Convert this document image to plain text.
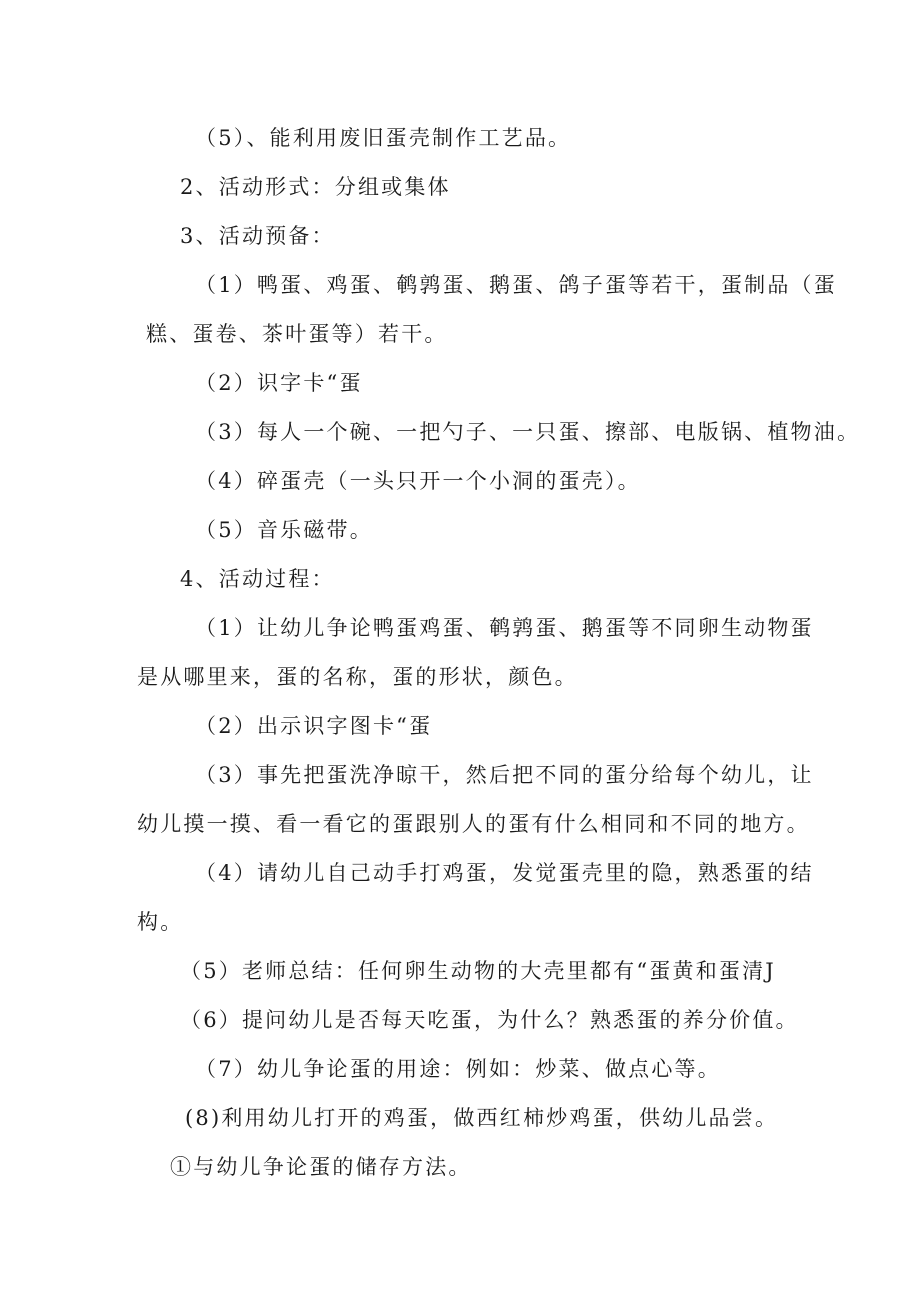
（5）、能利用废旧蛋壳制作工艺品。
2、活动形式：分组或集体
3、活动预备：
（1）鸭蛋、鸡蛋、鹌鹑蛋、鹅蛋、鸽子蛋等若干，蛋制品（蛋
糕、蛋卷、茶叶蛋等）若干。
（2）识字卡“蛋
（3）每人一个碗、一把勺子、一只蛋、擦部、电版锅、植物油。
（4）碎蛋壳（一头只开一个小洞的蛋壳）。
（5）音乐磁带。
4、活动过程：
（1）让幼儿争论鸭蛋鸡蛋、鹌鹑蛋、鹅蛋等不同卵生动物蛋
是从哪里来，蛋的名称，蛋的形状，颜色。
（2）出示识字图卡“蛋
（3）事先把蛋洗净晾干，然后把不同的蛋分给每个幼儿，让
幼儿摸一摸、看一看它的蛋跟别人的蛋有什么相同和不同的地方。
（4）请幼儿自己动手打鸡蛋，发觉蛋壳里的隐，熟悉蛋的结
构。
（5）老师总结：任何卵生动物的大壳里都有“蛋黄和蛋清J
（6）提问幼儿是否每天吃蛋，为什么？熟悉蛋的养分价值。
（7）幼儿争论蛋的用途：例如：炒菜、做点心等。
(8)利用幼儿打开的鸡蛋，做西红柿炒鸡蛋，供幼儿品尝。
①与幼儿争论蛋的储存方法。
